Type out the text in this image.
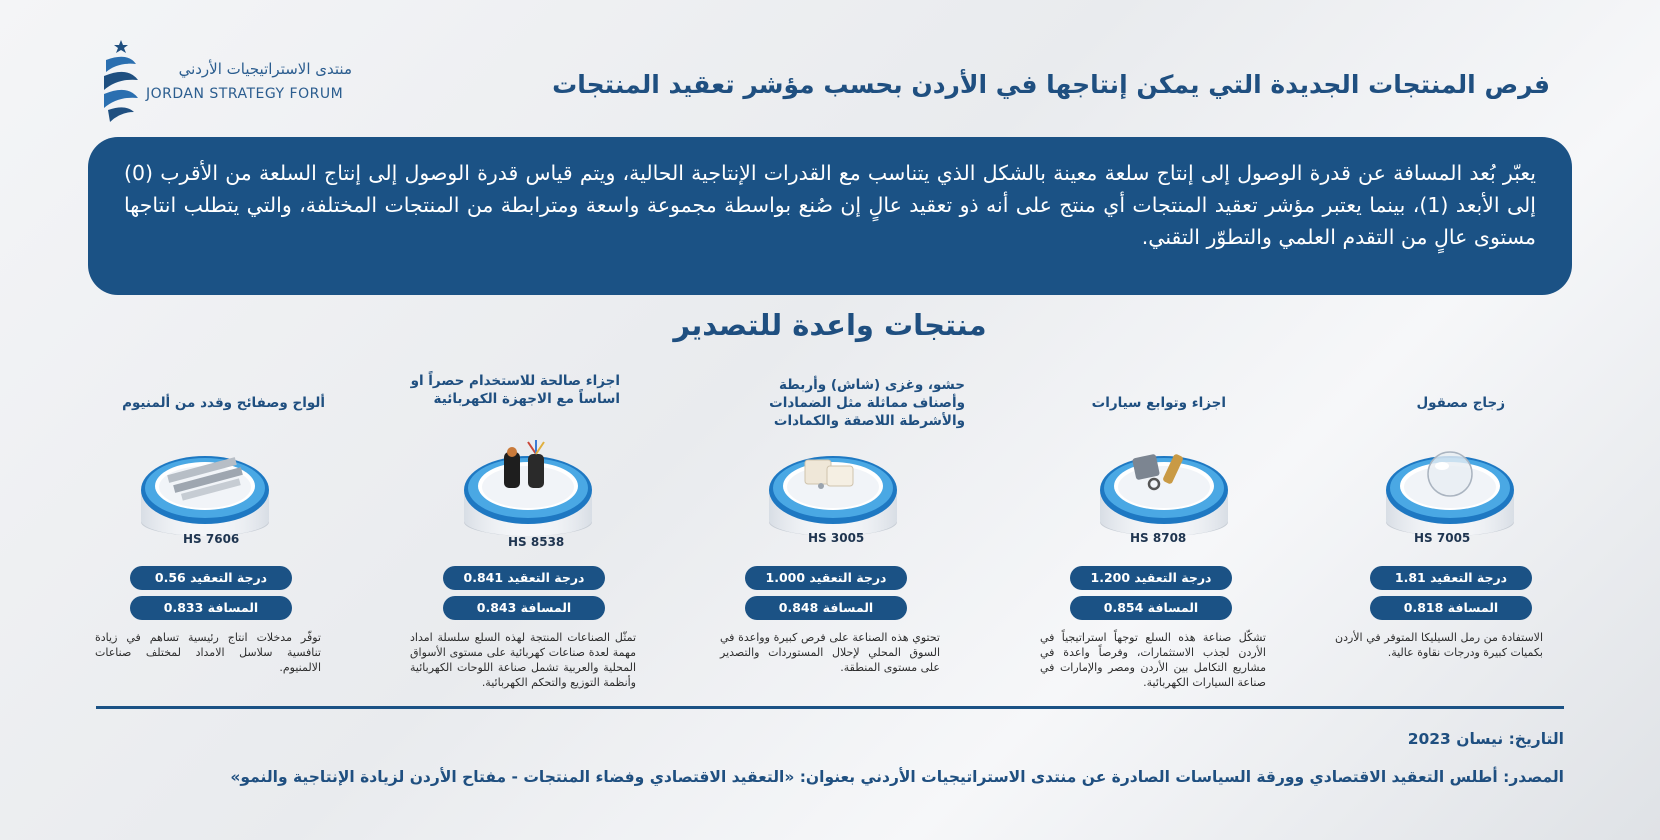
منتدى الاستراتيجيات الأردني
JORDAN STRATEGY FORUM	فرص المنتجات الجديدة التي يمكن إنتاجها في الأردن بحسب مؤشر تعقيد المنتجات
يعبّر بُعد المسافة عن قدرة الوصول إلى إنتاج سلعة معينة بالشكل الذي يتناسب مع القدرات الإنتاجية الحالية، ويتم قياس قدرة الوصول إلى إنتاج السلعة من الأقرب (0) إلى الأبعد (1)، بينما يعتبر مؤشر تعقيد المنتجات أي منتج على أنه ذو تعقيد عالٍ إن صُنع بواسطة مجموعة واسعة ومترابطة من المنتجات المختلفة، والتي يتطلب انتاجها مستوى عالٍ من التقدم العلمي والتطوّر التقني.
منتجات واعدة للتصدير
زجاج مصقول
HS 7005
درجة التعقيد 1.81
المسافة 0.818
الاستفادة من رمل السيليكا المتوفر في الأردن بكميات كبيرة ودرجات نقاوة عالية.
اجزاء وتوابع سيارات
HS 8708
درجة التعقيد 1.200
المسافة 0.854
تشكّل صناعة هذه السلع توجهاً استراتيجياً في الأردن لجذب الاستثمارات، وفرصاً واعدة في مشاريع التكامل بين الأردن ومصر والإمارات في صناعة السيارات الكهربائية.
حشو، وغزى (شاش) وأربطة وأصناف مماثلة مثل الضمادات والأشرطة اللاصقة والكمادات
HS 3005
درجة التعقيد 1.000
المسافة 0.848
تحتوي هذه الصناعة على فرص كبيرة وواعدة في السوق المحلي لإحلال المستوردات والتصدير على مستوى المنطقة.
اجزاء صالحة للاستخدام حصراً او اساساً مع الاجهزة الكهربائية
HS 8538
درجة التعقيد 0.841
المسافة 0.843
تمثّل الصناعات المنتجة لهذه السلع سلسلة امداد مهمة لعدة صناعات كهربائية على مستوى الأسواق المحلية والعربية تشمل صناعة اللوحات الكهربائية وأنظمة التوزيع والتحكم الكهربائية.
ألواح وصفائح وقدد من ألمنيوم
HS 7606
درجة التعقيد 0.56
المسافة 0.833
توفّر مدخلات انتاج رئيسية تساهم في زيادة تنافسية سلاسل الامداد لمختلف صناعات الالمنيوم.
التاريخ: نيسان 2023
المصدر: أطلس التعقيد الاقتصادي وورقة السياسات الصادرة عن منتدى الاستراتيجيات الأردني بعنوان: «التعقيد الاقتصادي وفضاء المنتجات - مفتاح الأردن لزيادة الإنتاجية والنمو»
